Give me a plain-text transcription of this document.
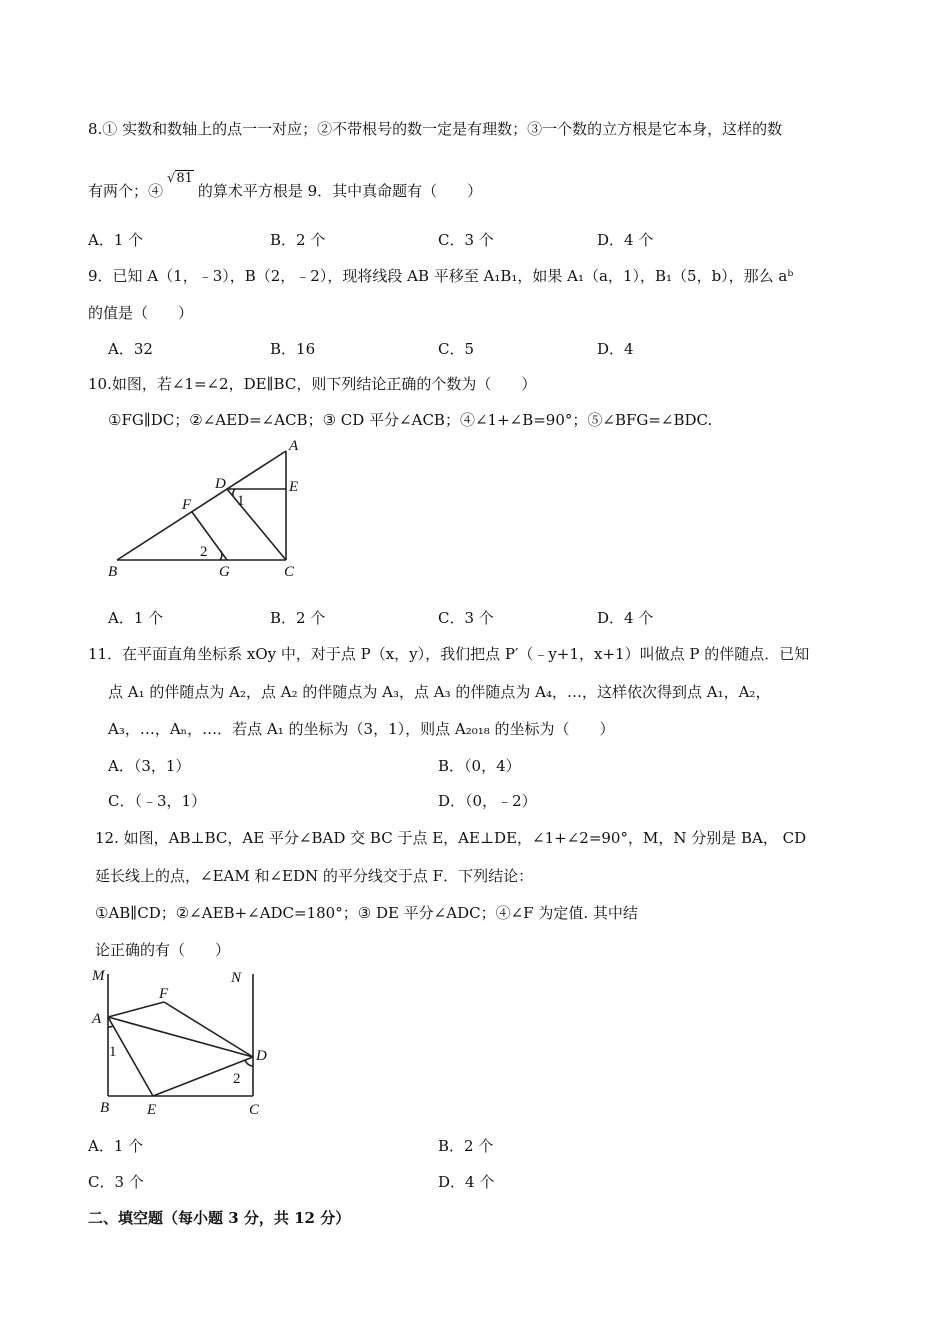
8.① 实数和数轴上的点一一对应；②不带根号的数一定是有理数；③一个数的立方根是它本身，这样的数
有两个；④√81的算术平方根是 9．其中真命题有（　　）
A．1 个	B．2 个	C．3 个	D．4 个
9．已知 A（1，﹣3），B（2，﹣2），现将线段 AB 平移至 A₁B₁，如果 A₁（a，1），B₁（5，b），那么 aᵇ
的值是（　　）
A．32	B．16	C．5	D．4
10.如图，若∠1=∠2，DE∥BC，则下列结论正确的个数为（　　）
①FG∥DC；②∠AED=∠ACB；③ CD 平分∠ACB；④∠1+∠B=90°；⑤∠BFG=∠BDC.
A
E
D
1
F
2
B	G	C
A．1 个	B．2 个	C．3 个	D．4 个
11．在平面直角坐标系 xOy 中，对于点 P（x，y），我们把点 P′（﹣y+1，x+1）叫做点 P 的伴随点．已知
点 A₁ 的伴随点为 A₂，点 A₂ 的伴随点为 A₃，点 A₃ 的伴随点为 A₄，…，这样依次得到点 A₁，A₂，
A₃，…，Aₙ，…．若点 A₁ 的坐标为（3，1），则点 A₂₀₁₈ 的坐标为（　　）
A．（3，1）	B．（0，4）
C．（﹣3，1）	D．（0，﹣2）
12. 如图，AB⊥BC，AE 平分∠BAD 交 BC 于点 E，AE⊥DE，∠1+∠2=90°，M，N 分别是 BA， CD
延长线上的点，∠EAM 和∠EDN 的平分线交于点 F．下列结论：
①AB∥CD；②∠AEB+∠ADC=180°；③ DE 平分∠ADC；④∠F 为定值. 其中结
论正确的有（　　）
M	N
F
A
D
1
2
B	E	C
A．1 个	B．2 个
C．3 个	D．4 个
二、填空题（每小题 3 分，共 12 分）
